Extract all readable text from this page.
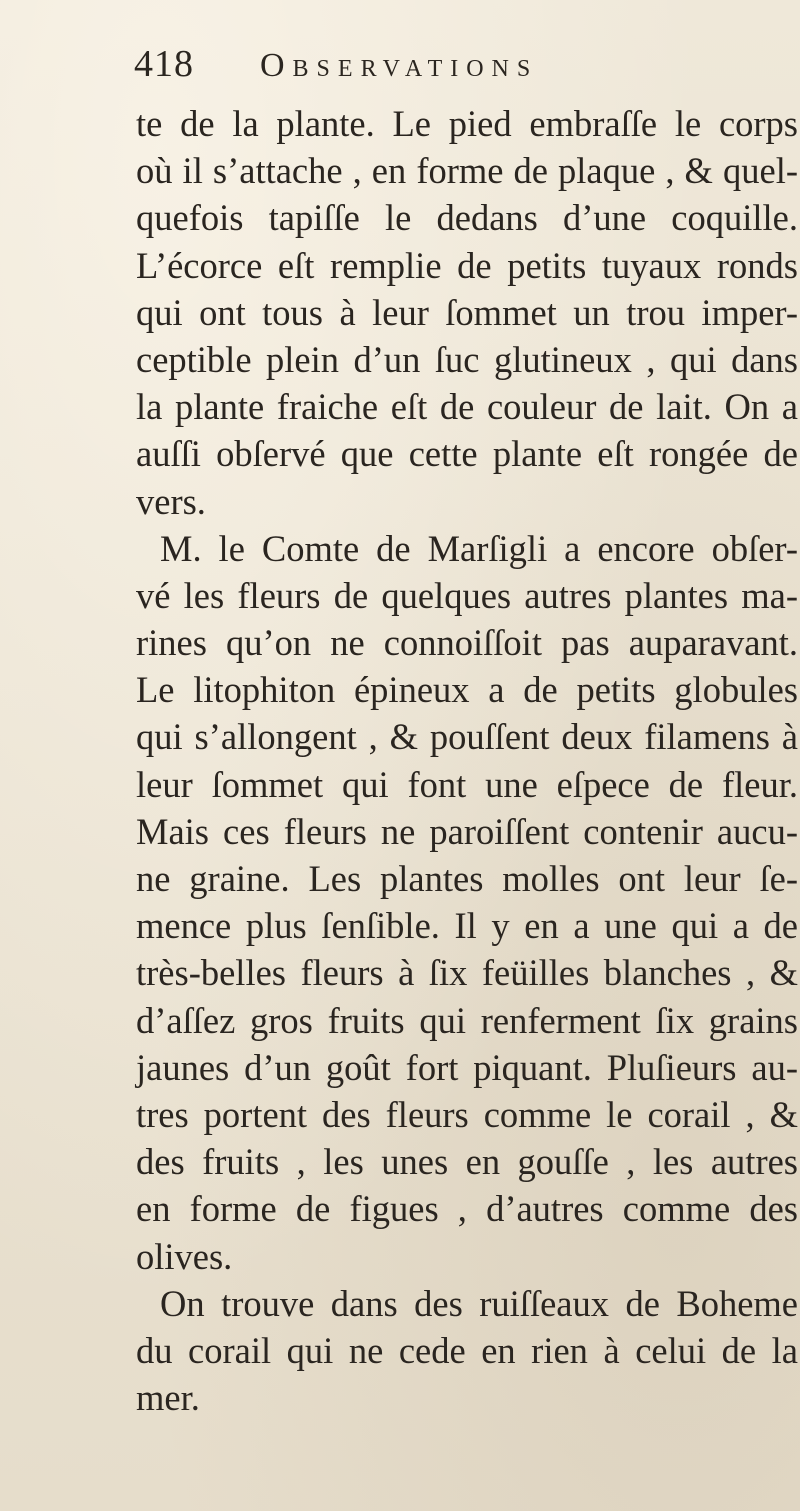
418 Observations
te de la plante. Le pied embraſſe le corps
où il s’attache , en forme de plaque , & quel-
quefois tapiſſe le dedans d’une coquille.
L’écorce eſt remplie de petits tuyaux ronds
qui ont tous à leur ſommet un trou imper-
ceptible plein d’un ſuc glutineux , qui dans
la plante fraiche eſt de couleur de lait. On a
auſſi obſervé que cette plante eſt rongée de
vers.
M. le Comte de Marſigli a encore obſer-
vé les fleurs de quelques autres plantes ma-
rines qu’on ne connoiſſoit pas auparavant.
Le litophiton épineux a de petits globules
qui s’allongent , & pouſſent deux filamens à
leur ſommet qui font une eſpece de fleur.
Mais ces fleurs ne paroiſſent contenir aucu-
ne graine. Les plantes molles ont leur ſe-
mence plus ſenſible. Il y en a une qui a de
très-belles fleurs à ſix feüilles blanches , &
d’aſſez gros fruits qui renferment ſix grains
jaunes d’un goût fort piquant. Pluſieurs au-
tres portent des fleurs comme le corail , &
des fruits , les unes en gouſſe , les autres
en forme de figues , d’autres comme des
olives.
On trouve dans des ruiſſeaux de Boheme
du corail qui ne cede en rien à celui de la
mer.
